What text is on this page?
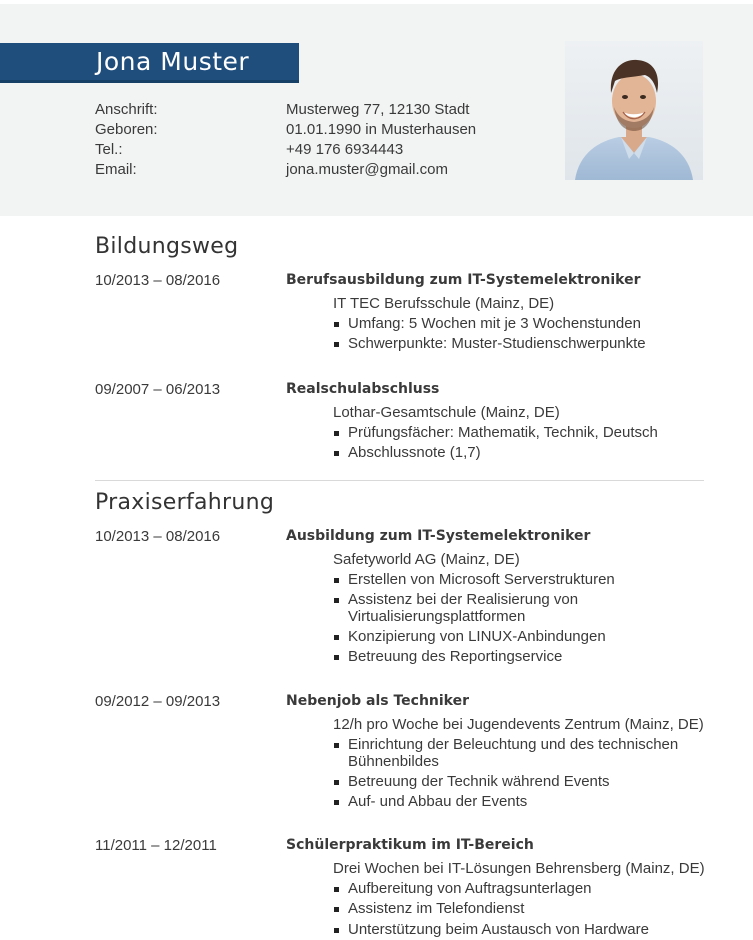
Jona Muster
Anschrift:	Musterweg 77, 12130 Stadt
Geboren:	01.01.1990 in Musterhausen
Tel.:	+49 176 6934443
Email:	jona.muster@gmail.com
Bildungsweg
10/2013 – 08/2016	Berufsausbildung zum IT-Systemelektroniker
IT TEC Berufsschule (Mainz, DE)
Umfang: 5 Wochen mit je 3 Wochenstunden
Schwerpunkte: Muster-Studienschwerpunkte
09/2007 – 06/2013	Realschulabschluss
Lothar-Gesamtschule (Mainz, DE)
Prüfungsfächer: Mathematik, Technik, Deutsch
Abschlussnote (1,7)
Praxiserfahrung
10/2013 – 08/2016	Ausbildung zum IT-Systemelektroniker
Safetyworld AG (Mainz, DE)
Erstellen von Microsoft Serverstrukturen
Assistenz bei der Realisierung von Virtualisierungsplattformen
Konzipierung von LINUX-Anbindungen
Betreuung des Reportingservice
09/2012 – 09/2013	Nebenjob als Techniker
12/h pro Woche bei Jugendevents Zentrum (Mainz, DE)
Einrichtung der Beleuchtung und des technischen Bühnenbildes
Betreuung der Technik während Events
Auf- und Abbau der Events
11/2011 – 12/2011	Schülerpraktikum im IT-Bereich
Drei Wochen bei IT-Lösungen Behrensberg (Mainz, DE)
Aufbereitung von Auftragsunterlagen
Assistenz im Telefondienst
Unterstützung beim Austausch von Hardware
